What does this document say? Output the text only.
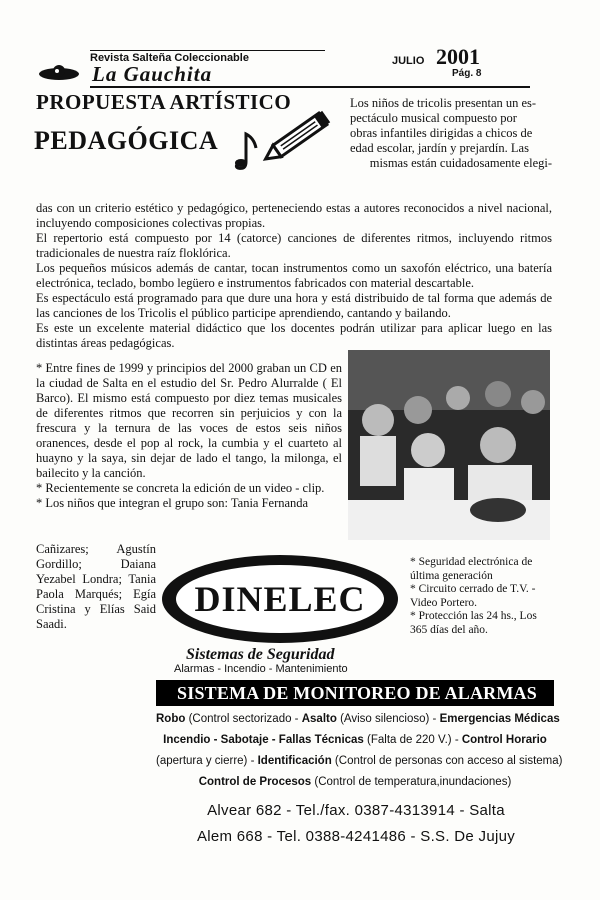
Revista Salteña Coleccionable
La Gauchita
JULIO 2001
Pág. 8
PROPUESTA ARTÍSTICO
PEDAGÓGICA
Los niños de tricolis presentan un es-
pectáculo musical compuesto por
obras infantiles dirigidas a chicos de
edad escolar, jardín y prejardín. Las
mismas están cuidadosamente elegi-
das con un criterio estético y pedagógico, perteneciendo estas a autores reconocidos a nivel nacional, incluyendo composiciones colectivas propias.
El repertorio está compuesto por 14 (catorce) canciones de diferentes ritmos, incluyendo ritmos tradicionales de nuestra raíz floklórica.
Los pequeños músicos además de cantar, tocan instrumentos como un saxofón eléctrico, una batería electrónica, teclado, bombo legüero e instrumentos fabricados con material descartable.
Es espectáculo está programado para que dure una hora y está distribuido de tal forma que además de las canciones de los Tricolis el público participe aprendiendo, cantando y bailando.
Es este un excelente material didáctico que los docentes podrán utilizar para aplicar luego en las distintas áreas pedagógicas.
* Entre fines de 1999 y principios del 2000 graban un CD en la ciudad de Salta en el estudio del Sr. Pedro Alurralde ( El Barco). El mismo está compuesto por diez temas musicales de diferentes ritmos que recorren sin perjuicios y con la frescura y la ternura de las voces de estos seis niños oranences, desde el pop al rock, la cumbia y el cuarteto al huayno y la saya, sin dejar de lado el tango, la milonga, el bailecito y la canción.
* Recientemente se concreta la edición de un video - clip.
* Los niños que integran el grupo son: Tania Fernanda
Cañizares; Agustín Gordillo; Daiana Yezabel Londra; Tania Paola Marqués; Egía Cristina y Elías Said Saadi.
DINELEC
Sistemas de Seguridad
Alarmas - Incendio - Mantenimiento
* Seguridad electrónica de última generación
* Circuito cerrado de T.V. - Video Portero.
* Protección las 24 hs., Los 365 días del año.
SISTEMA DE MONITOREO DE ALARMAS
Robo (Control sectorizado - Asalto (Aviso silencioso) - Emergencias Médicas
Incendio - Sabotaje - Fallas Técnicas (Falta de 220 V.) - Control Horario
(apertura y cierre) - Identificación (Control de personas con acceso al sistema)
Control de Procesos (Control de temperatura,inundaciones)
Alvear 682 - Tel./fax. 0387-4313914 - Salta
Alem 668 - Tel. 0388-4241486 - S.S. De Jujuy
